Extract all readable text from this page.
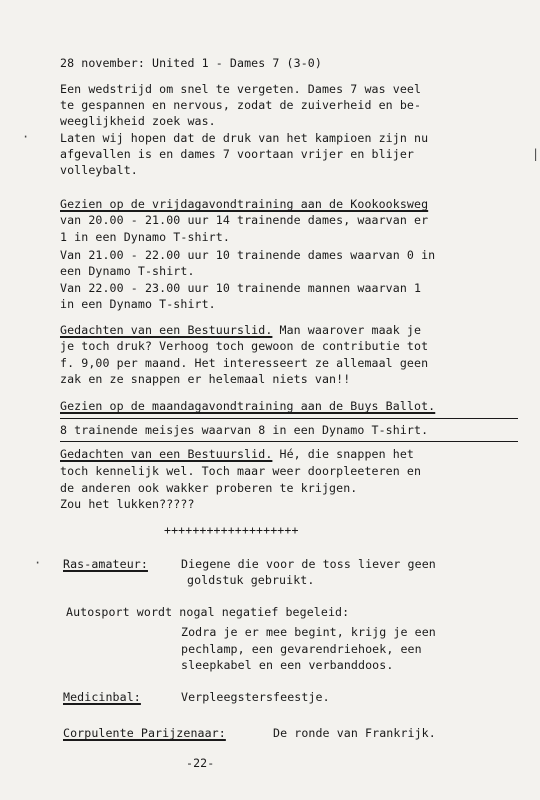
28 november: United 1 - Dames 7 (3-0)
Een wedstrijd om snel te vergeten. Dames 7 was veel
te gespannen en nervous, zodat de zuiverheid en be-
weeglijkheid zoek was.
Laten wij hopen dat de druk van het kampioen zijn nu
afgevallen is en dames 7 voortaan vrijer en blijer
volleybalt.
Gezien op de vrijdagavondtraining aan de Kookooksweg
van 20.00 - 21.00 uur 14 trainende dames, waarvan er
1 in een Dynamo T-shirt.
Van 21.00 - 22.00 uur 10 trainende dames waarvan 0 in
een Dynamo T-shirt.
Van 22.00 - 23.00 uur 10 trainende mannen waarvan 1
in een Dynamo T-shirt.
Gedachten van een Bestuurslid. Man waarover maak je
je toch druk? Verhoog toch gewoon de contributie tot
f. 9,00 per maand. Het interesseert ze allemaal geen
zak en ze snappen er helemaal niets van!!
Gezien op de maandagavondtraining aan de Buys Ballot.
8 trainende meisjes waarvan 8 in een Dynamo T-shirt.
Gedachten van een Bestuurslid. Hé, die snappen het
toch kennelijk wel. Toch maar weer doorpleeteren en
de anderen ook wakker proberen te krijgen.
Zou het lukken?????
+++++++++++++++++++
· Ras-amateur:	Diegene die voor de toss liever geen
goldstuk gebruikt.
Autosport wordt nogal negatief begeleid:
Zodra je er mee begint, krijg je een
pechlamp, een gevarendriehoek, een
sleepkabel en een verbanddoos.
Medicinbal:	Verpleegstersfeestje.
Corpulente Parijzenaar:	De ronde van Frankrijk.
-22-
·
|
